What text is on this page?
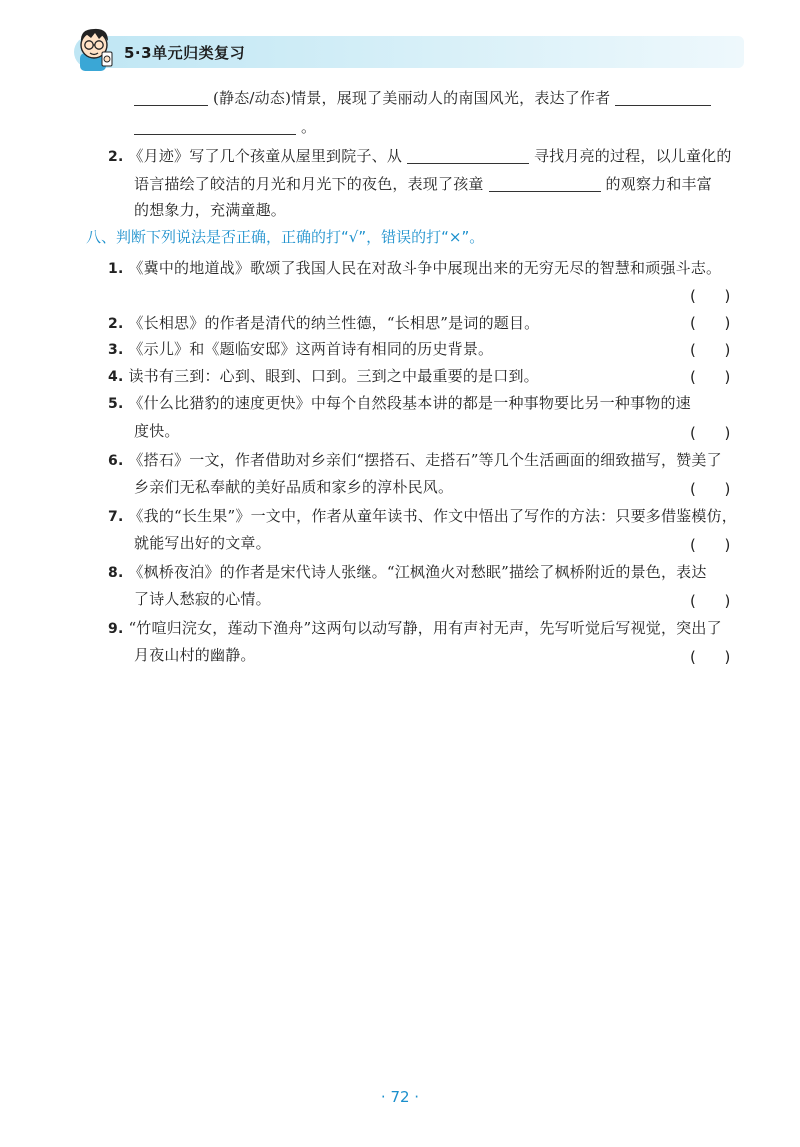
5·3单元归类复习
(静态/动态)情景，展现了美丽动人的南国风光，表达了作者
。
2. 《月迹》写了几个孩童从屋里到院子、从	寻找月亮的过程，以儿童化的
语言描绘了皎洁的月光和月光下的夜色，表现了孩童	的观察力和丰富
的想象力，充满童趣。
八、判断下列说法是否正确，正确的打“√”，错误的打“×”。
1. 《冀中的地道战》歌颂了我国人民在对敌斗争中展现出来的无穷无尽的智慧和顽强斗志。
(      )
2. 《长相思》的作者是清代的纳兰性德，“长相思”是词的题目。	(      )
3. 《示儿》和《题临安邸》这两首诗有相同的历史背景。	(      )
4. 读书有三到：心到、眼到、口到。三到之中最重要的是口到。	(      )
5. 《什么比猎豹的速度更快》中每个自然段基本讲的都是一种事物要比另一种事物的速
度快。	(      )
6. 《搭石》一文，作者借助对乡亲们“摆搭石、走搭石”等几个生活画面的细致描写，赞美了
乡亲们无私奉献的美好品质和家乡的淳朴民风。	(      )
7. 《我的“长生果”》一文中，作者从童年读书、作文中悟出了写作的方法：只要多借鉴模仿，
就能写出好的文章。	(      )
8. 《枫桥夜泊》的作者是宋代诗人张继。“江枫渔火对愁眠”描绘了枫桥附近的景色，表达
了诗人愁寂的心情。	(      )
9. “竹喧归浣女，莲动下渔舟”这两句以动写静，用有声衬无声，先写听觉后写视觉，突出了
月夜山村的幽静。	(      )
· 72 ·
